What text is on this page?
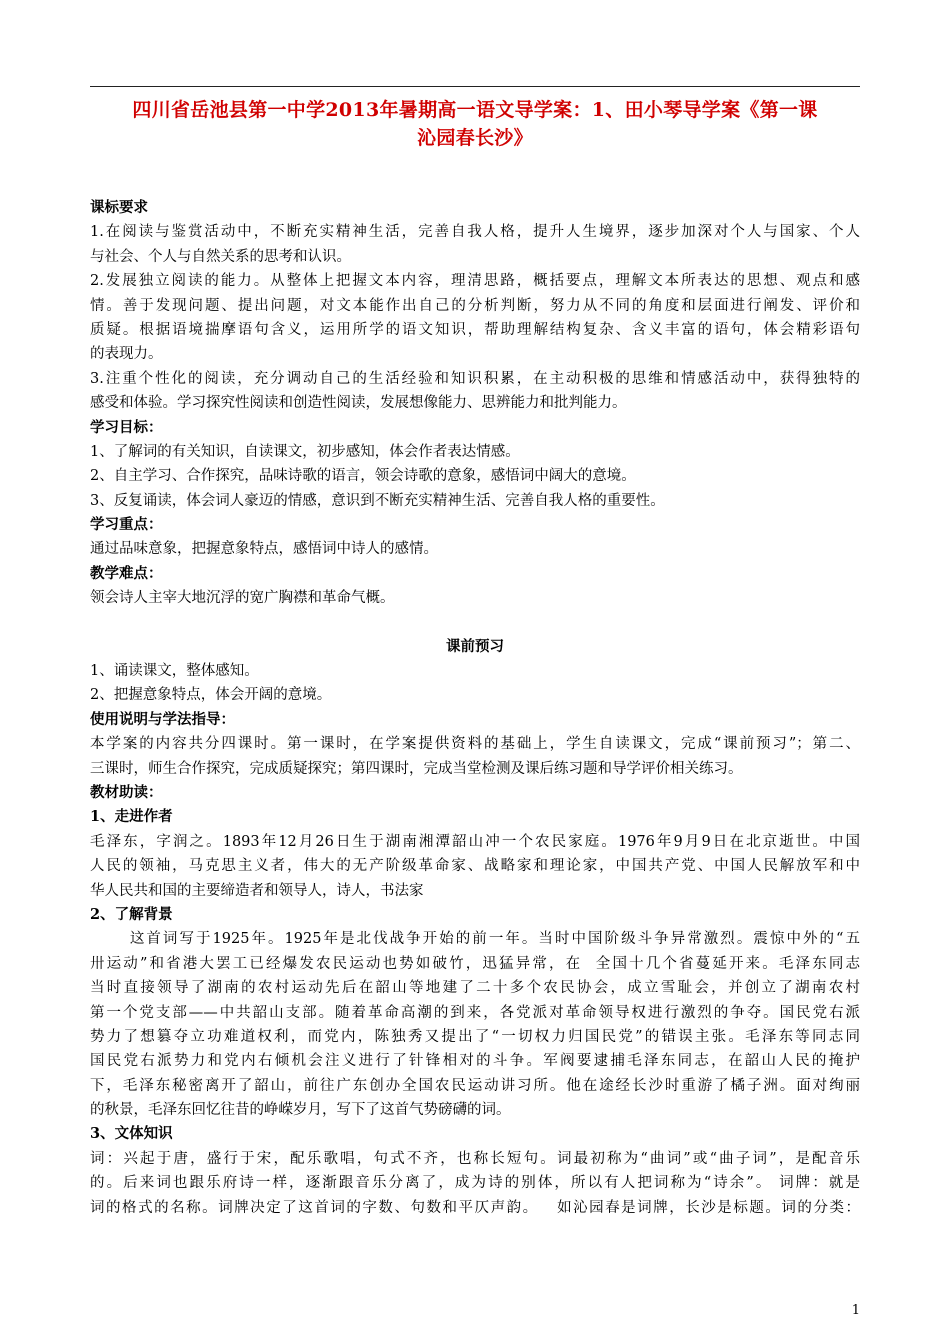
四川省岳池县第一中学2013年暑期高一语文导学案：1、田小琴导学案《第一课
沁园春长沙》
课标要求
1.在阅读与鉴赏活动中，不断充实精神生活，完善自我人格，提升人生境界，逐步加深对个人与国家、个人
与社会、个人与自然关系的思考和认识。
2.发展独立阅读的能力。从整体上把握文本内容，理清思路，概括要点，理解文本所表达的思想、观点和感
情。善于发现问题、提出问题，对文本能作出自己的分析判断，努力从不同的角度和层面进行阐发、评价和
质疑。根据语境揣摩语句含义，运用所学的语文知识，帮助理解结构复杂、含义丰富的语句，体会精彩语句
的表现力。
3.注重个性化的阅读，充分调动自己的生活经验和知识积累，在主动积极的思维和情感活动中，获得独特的
感受和体验。学习探究性阅读和创造性阅读，发展想像能力、思辨能力和批判能力。
学习目标：
1、了解词的有关知识，自读课文，初步感知，体会作者表达情感。
2、自主学习、合作探究，品味诗歌的语言，领会诗歌的意象，感悟词中阔大的意境。
3、反复诵读，体会词人豪迈的情感，意识到不断充实精神生活、完善自我人格的重要性。
学习重点：
通过品味意象，把握意象特点，感悟词中诗人的感情。
教学难点：
领会诗人主宰大地沉浮的宽广胸襟和革命气概。
课前预习
1、诵读课文，整体感知。
2、把握意象特点，体会开阔的意境。
使用说明与学法指导：
本学案的内容共分四课时。第一课时，在学案提供资料的基础上，学生自读课文，完成“课前预习”；第二、
三课时，师生合作探究，完成质疑探究；第四课时，完成当堂检测及课后练习题和导学评价相关练习。
教材助读：
1、走进作者
毛泽东，字润之。1893年12月26日生于湖南湘潭韶山冲一个农民家庭。1976年9月9日在北京逝世。中国
人民的领袖，马克思主义者，伟大的无产阶级革命家、战略家和理论家，中国共产党、中国人民解放军和中
华人民共和国的主要缔造者和领导人，诗人，书法家
2、了解背景
这首词写于1925年。1925年是北伐战争开始的前一年。当时中国阶级斗争异常激烈。震惊中外的“五
卅运动”和省港大罢工已经爆发农民运动也势如破竹，迅猛异常，在  全国十几个省蔓延开来。毛泽东同志
当时直接领导了湖南的农村运动先后在韶山等地建了二十多个农民协会，成立雪耻会，并创立了湖南农村
第一个党支部——中共韶山支部。随着革命高潮的到来，各党派对革命领导权进行激烈的争夺。国民党右派
势力了想篡夺立功难道权利，而党内，陈独秀又提出了“一切权力归国民党”的错误主张。毛泽东等同志同
国民党右派势力和党内右倾机会注义进行了针锋相对的斗争。军阀要逮捕毛泽东同志，在韶山人民的掩护
下，毛泽东秘密离开了韶山，前往广东创办全国农民运动讲习所。他在途经长沙时重游了橘子洲。面对绚丽
的秋景，毛泽东回忆往昔的峥嵘岁月，写下了这首气势磅礴的词。
3、文体知识
词：兴起于唐，盛行于宋，配乐歌唱，句式不齐，也称长短句。词最初称为“曲词”或“曲子词”，是配音乐
的。后来词也跟乐府诗一样，逐渐跟音乐分离了，成为诗的别体，所以有人把词称为“诗余”。 词牌：就是
词的格式的名称。词牌决定了这首词的字数、句数和平仄声韵。   如沁园春是词牌，长沙是标题。词的分类：
1
